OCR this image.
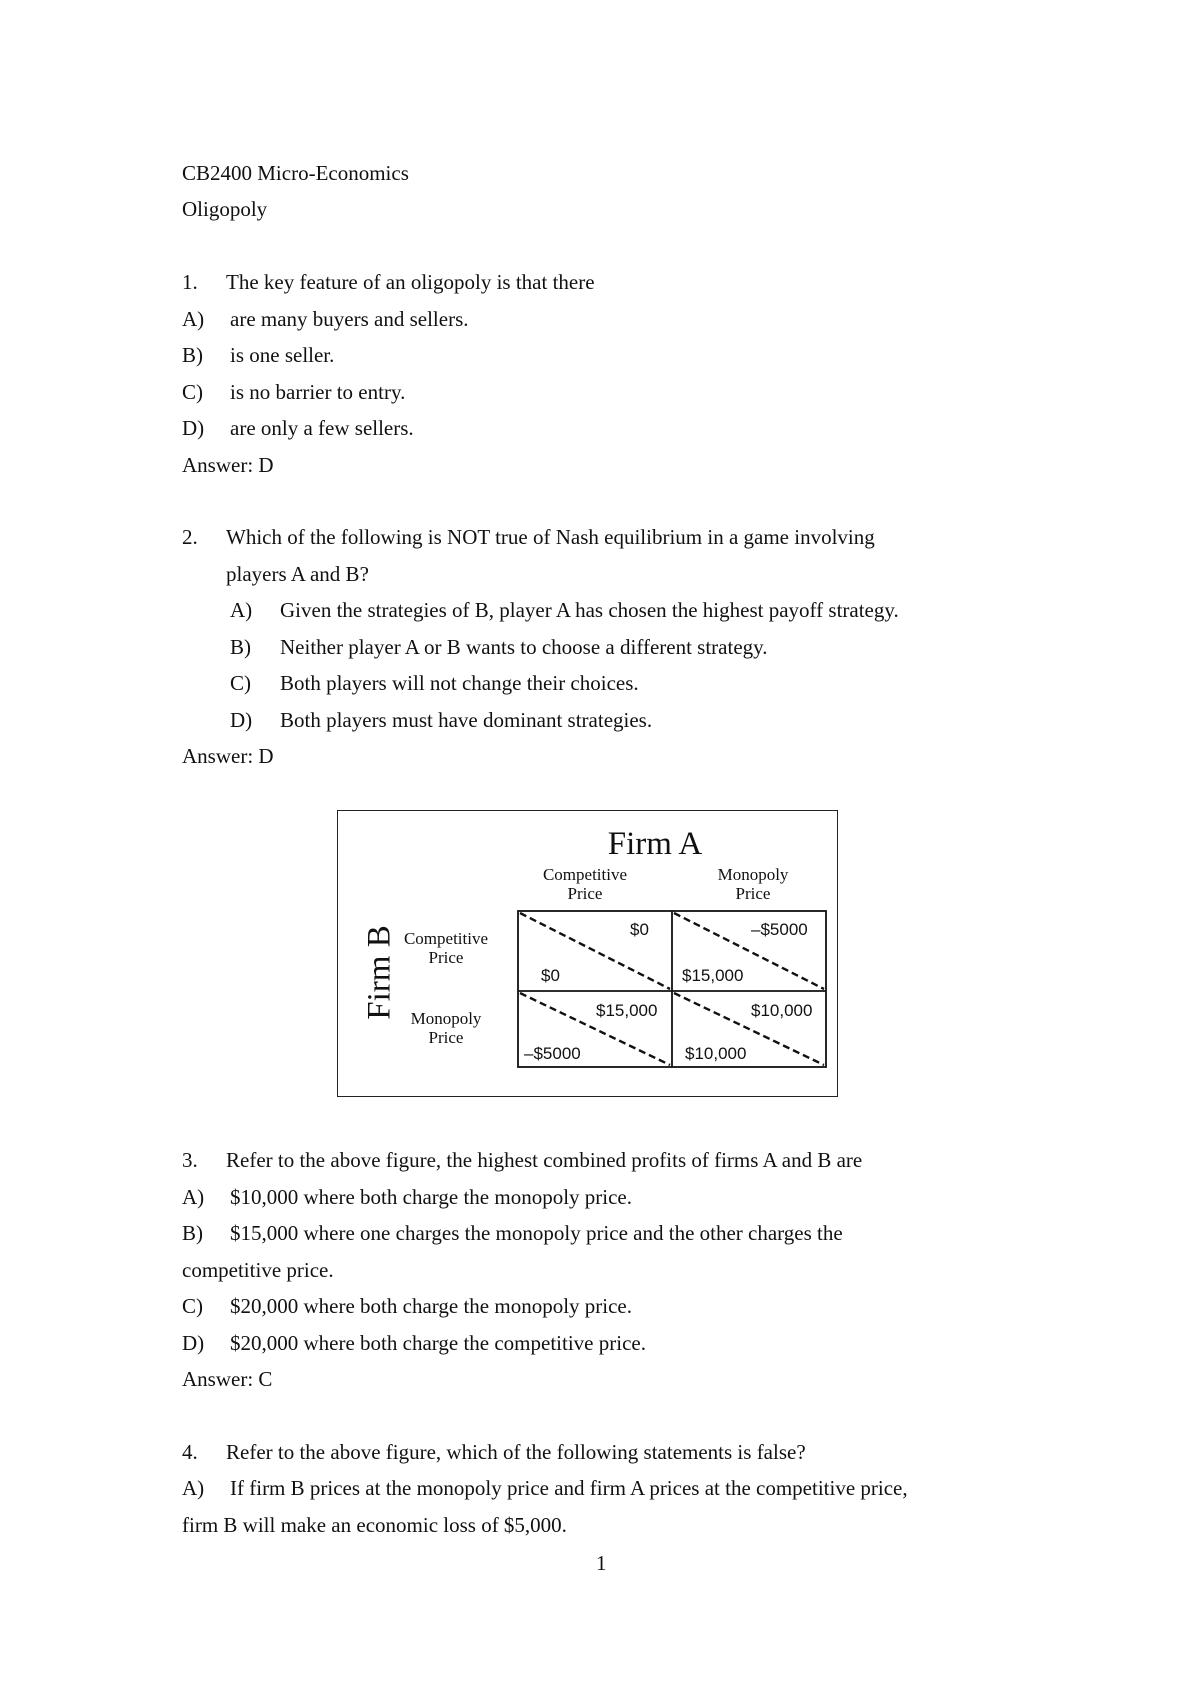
CB2400 Micro-Economics
Oligopoly
1. The key feature of an oligopoly is that there
A) are many buyers and sellers.
B) is one seller.
C) is no barrier to entry.
D) are only a few sellers.
Answer: D
2. Which of the following is NOT true of Nash equilibrium in a game involving
players A and B?
A) Given the strategies of B, player A has chosen the highest payoff strategy.
B) Neither player A or B wants to choose a different strategy.
C) Both players will not change their choices.
D) Both players must have dominant strategies.
Answer: D
Firm A
Competitive
Price
Monopoly
Price
Firm B Competitive
Price
Monopoly
Price
$0
$0
–$5000
$15,000
$15,000
–$5000
$10,000
$10,000
3. Refer to the above figure, the highest combined profits of firms A and B are
A) $10,000 where both charge the monopoly price.
B) $15,000 where one charges the monopoly price and the other charges the
competitive price.
C) $20,000 where both charge the monopoly price.
D) $20,000 where both charge the competitive price.
Answer: C
4. Refer to the above figure, which of the following statements is false?
A) If firm B prices at the monopoly price and firm A prices at the competitive price,
firm B will make an economic loss of $5,000.
1
